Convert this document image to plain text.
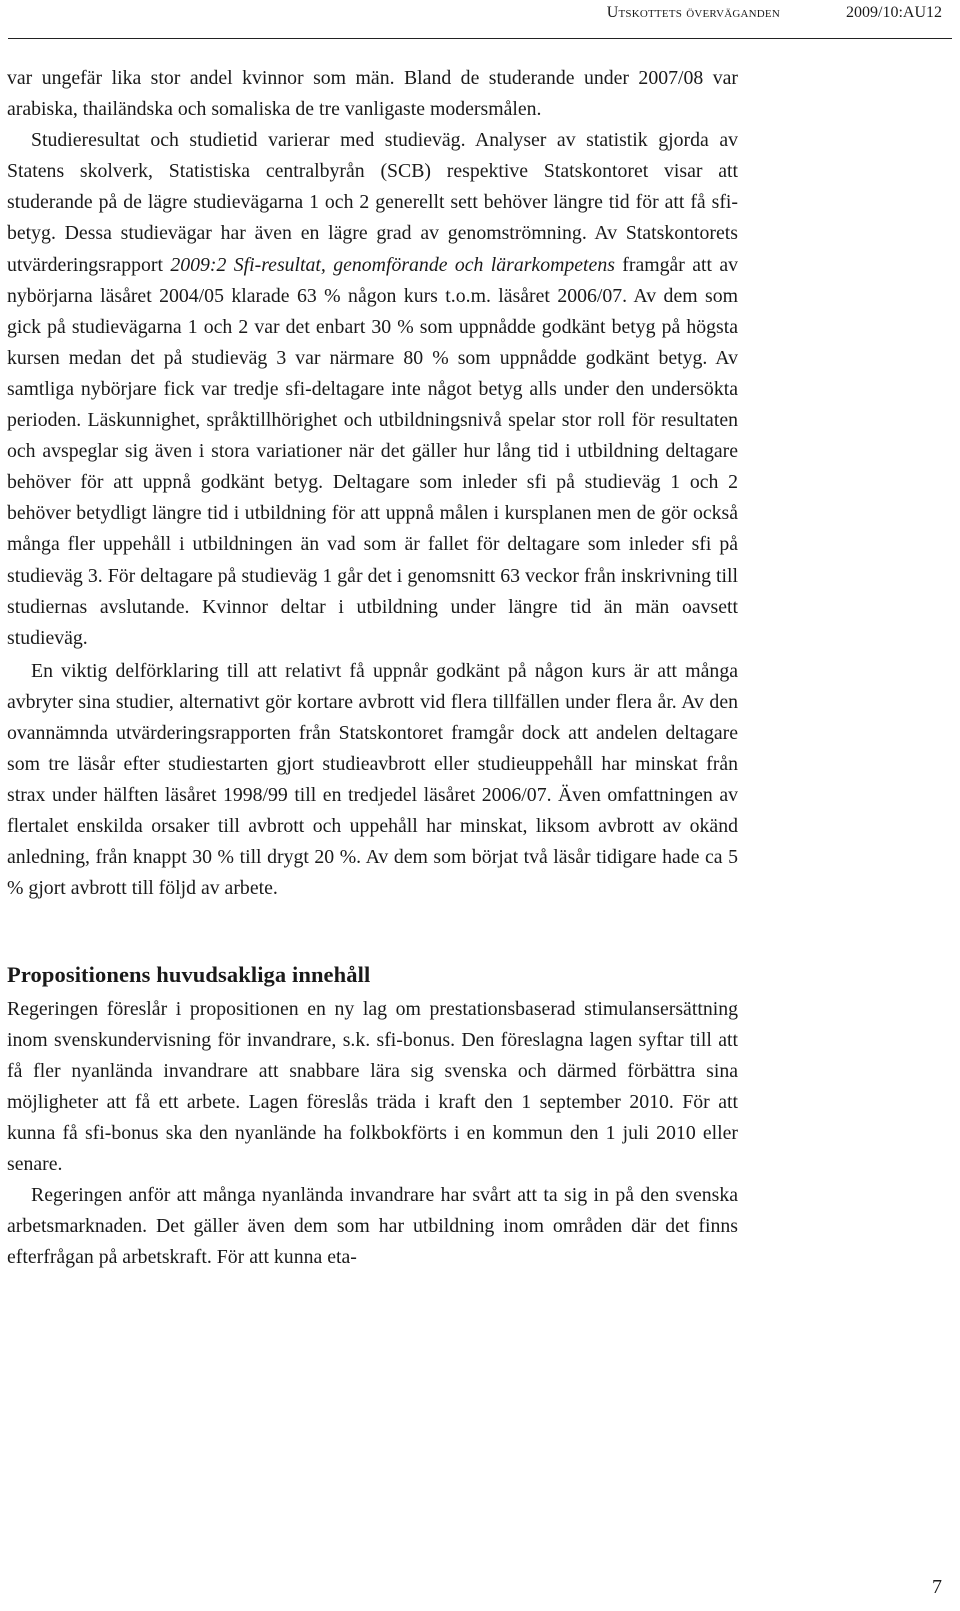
Utskottets överväganden	2009/10:AU12

var ungefär lika stor andel kvinnor som män. Bland de studerande under 2007/08 var arabiska, thailändska och somaliska de tre vanligaste modersmålen.

Studieresultat och studietid varierar med studieväg. Analyser av statistik gjorda av Statens skolverk, Statistiska centralbyrån (SCB) respektive Statskontoret visar att studerande på de lägre studievägarna 1 och 2 generellt sett behöver längre tid för att få sfi-betyg. Dessa studievägar har även en lägre grad av genomströmning. Av Statskontorets utvärderingsrapport 2009:2 Sfi-resultat, genomförande och lärarkompetens framgår att av nybörjarna läsåret 2004/05 klarade 63 % någon kurs t.o.m. läsåret 2006/07. Av dem som gick på studievägarna 1 och 2 var det enbart 30 % som uppnådde godkänt betyg på högsta kursen medan det på studieväg 3 var närmare 80 % som uppnådde godkänt betyg. Av samtliga nybörjare fick var tredje sfi-deltagare inte något betyg alls under den undersökta perioden. Läskunnighet, språktillhörighet och utbildningsnivå spelar stor roll för resultaten och avspeglar sig även i stora variationer när det gäller hur lång tid i utbildning deltagare behöver för att uppnå godkänt betyg. Deltagare som inleder sfi på studieväg 1 och 2 behöver betydligt längre tid i utbildning för att uppnå målen i kursplanen men de gör också många fler uppehåll i utbildningen än vad som är fallet för deltagare som inleder sfi på studieväg 3. För deltagare på studieväg 1 går det i genomsnitt 63 veckor från inskrivning till studiernas avslutande. Kvinnor deltar i utbildning under längre tid än män oavsett studieväg.

En viktig delförklaring till att relativt få uppnår godkänt på någon kurs är att många avbryter sina studier, alternativt gör kortare avbrott vid flera tillfällen under flera år. Av den ovannämnda utvärderingsrapporten från Statskontoret framgår dock att andelen deltagare som tre läsår efter studiestarten gjort studieavbrott eller studieuppehåll har minskat från strax under hälften läsåret 1998/99 till en tredjedel läsåret 2006/07. Även omfattningen av flertalet enskilda orsaker till avbrott och uppehåll har minskat, liksom avbrott av okänd anledning, från knappt 30 % till drygt 20 %. Av dem som börjat två läsår tidigare hade ca 5 % gjort avbrott till följd av arbete.

Propositionens huvudsakliga innehåll

Regeringen föreslår i propositionen en ny lag om prestationsbaserad stimulansersättning inom svenskundervisning för invandrare, s.k. sfi-bonus. Den föreslagna lagen syftar till att få fler nyanlända invandrare att snabbare lära sig svenska och därmed förbättra sina möjligheter att få ett arbete. Lagen föreslås träda i kraft den 1 september 2010. För att kunna få sfi-bonus ska den nyanlände ha folkbokförts i en kommun den 1 juli 2010 eller senare.

Regeringen anför att många nyanlända invandrare har svårt att ta sig in på den svenska arbetsmarknaden. Det gäller även dem som har utbildning inom områden där det finns efterfrågan på arbetskraft. För att kunna eta-

7
